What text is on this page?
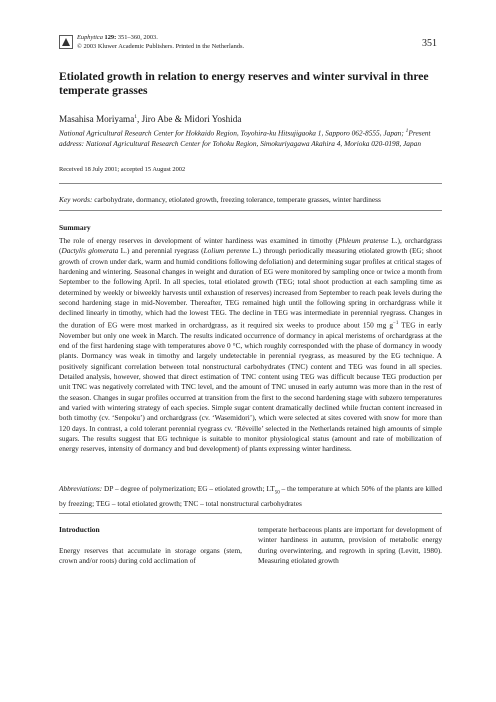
Euphytica 129: 351–360, 2003.
© 2003 Kluwer Academic Publishers. Printed in the Netherlands.	351
Etiolated growth in relation to energy reserves and winter survival in three temperate grasses
Masahisa Moriyama$^1$, Jiro Abe & Midori Yoshida
National Agricultural Research Center for Hokkaido Region, Toyohira-ku Hitsujigaoka 1, Sapporo 062-8555, Japan; $^1$Present address: National Agricultural Research Center for Tohoku Region, Simokuriyagawa Akahira 4, Morioka 020-0198, Japan
Received 18 July 2001; accepted 15 August 2002
Key words: carbohydrate, dormancy, etiolated growth, freezing tolerance, temperate grasses, winter hardiness
Summary

The role of energy reserves in development of winter hardiness was examined in timothy (Phleum pratense L.), orchardgrass (Dactylis glomerata L.) and perennial ryegrass (Lolium perenne L.) through periodically measuring etiolated growth (EG; shoot growth of crown under dark, warm and humid conditions following defoliation) and determining sugar profiles at critical stages of hardening and wintering. Seasonal changes in weight and duration of EG were monitored by sampling once or twice a month from September to the following April. In all species, total etiolated growth (TEG; total shoot production at each sampling time as determined by weekly or biweekly harvests until exhaustion of reserves) increased from September to reach peak levels during the second hardening stage in mid-November. Thereafter, TEG remained high until the following spring in orchardgrass while it declined linearly in timothy, which had the lowest TEG. The decline in TEG was intermediate in perennial ryegrass. Changes in the duration of EG were most marked in orchardgrass, as it required six weeks to produce about 150 mg $g^{-1}$ TEG in early November but only one week in March. The results indicated occurrence of dormancy in apical meristems of orchardgrass at the end of the first hardening stage with temperatures above 0 °C, which roughly corresponded with the phase of dormancy in woody plants. Dormancy was weak in timothy and largely undetectable in perennial ryegrass, as measured by the EG technique. A positively significant correlation between total nonstructural carbohydrates (TNC) content and TEG was found in all species. Detailed analysis, however, showed that direct estimation of TNC content using TEG was difficult because TEG production per unit TNC was negatively correlated with TNC level, and the amount of TNC unused in early autumn was more than in the rest of the season. Changes in sugar profiles occurred at transition from the first to the second hardening stage with subzero temperatures and varied with wintering strategy of each species. Simple sugar content dramatically declined while fructan content increased in both timothy (cv. ‘Senpoku’) and orchardgrass (cv. ‘Wasemidori’), which were selected at sites covered with snow for more than 120 days. In contrast, a cold tolerant perennial ryegrass cv. ‘Réveille’ selected in the Netherlands retained high amounts of simple sugars. The results suggest that EG technique is suitable to monitor physiological status (amount and rate of mobilization of energy reserves, intensity of dormancy and bud development) of plants expressing winter hardiness.

Abbreviations: DP – degree of polymerization; EG – etiolated growth; $LT_{50}$ – the temperature at which 50% of the plants are killed by freezing; TEG – total etiolated growth; TNC – total nonstructural carbohydrates

Introduction

Energy reserves that accumulate in storage organs (stem, crown and/or roots) during cold acclimation of

temperate herbaceous plants are important for development of winter hardiness in autumn, provision of metabolic energy during overwintering, and regrowth in spring (Levitt, 1980). Measuring etiolated growth
